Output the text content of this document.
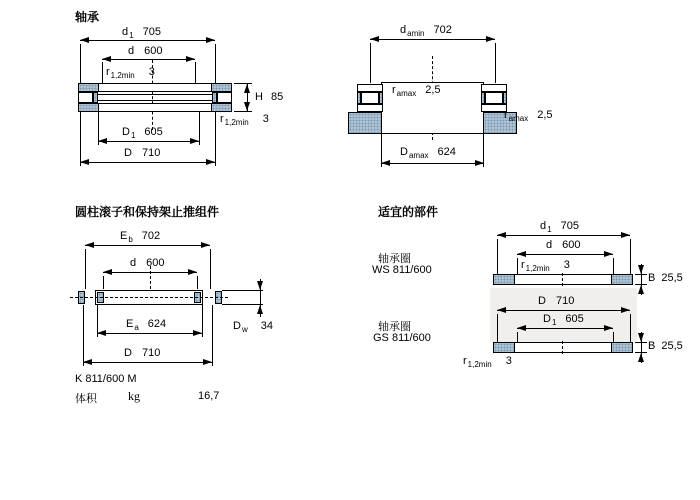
轴承
$d_1$ 705
d 600
$r_{1,2min}$ 3
H 85
$r_{1,2min}$ 3
$D_1$ 605
D 710
$d_{amin}$ 702
$r_{amax}$ 2,5
$r_{amax}$ 2,5
$D_{amax}$ 624
圆柱滚子和保持架止推组件
$E_b$ 702
d 600
$D_w$ 34
$E_a$ 624
D 710
K 811/600 M
体积	kg	16,7
适宜的部件
轴承圈
WS 811/600
$d_1$ 705
d 600
$r_{1,2min}$ 3
B 25,5
轴承圈
GS 811/600
D 710
$D_1$ 605
B 25,5
$r_{1,2min}$ 3
